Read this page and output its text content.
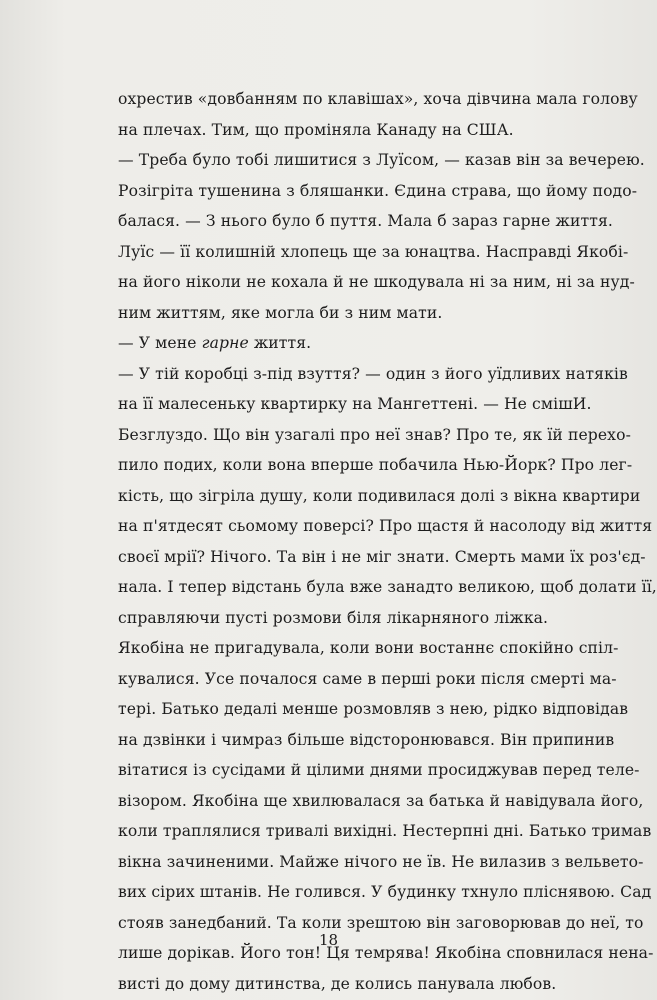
охрестив «довбанням по клавішах», хоча дівчина мала голову
на плечах. Тим, що проміняла Канаду на США.
— Треба було тобі лишитися з Луїсом, — казав він за вечерею.
Розігріта тушенина з бляшанки. Єдина страва, що йому подо-
балася. — З нього було б пуття. Мала б зараз гарне життя.
Луїс — її колишній хлопець ще за юнацтва. Насправді Якобі-
на його ніколи не кохала й не шкодувала ні за ним, ні за нуд-
ним життям, яке могла би з ним мати.
— У мене гарне життя.
— У тій коробці з-під взуття? — один з його уїдливих натяків
на її малесеньку квартирку на Мангеттені. — Не смішИ.
Безглуздо. Що він узагалі про неї знав? Про те, як їй перехо-
пило подих, коли вона вперше побачила Нью-Йорк? Про лег-
кість, що зігріла душу, коли подивилася долі з вікна квартири
на п'ятдесят сьомому поверсі? Про щастя й насолоду від життя
своєї мрії? Нічого. Та він і не міг знати. Смерть мами їх роз'єд-
нала. І тепер відстань була вже занадто великою, щоб долати її,
справляючи пусті розмови біля лікарняного ліжка.
Якобіна не пригадувала, коли вони востаннє спокійно спіл-
кувалися. Усе почалося саме в перші роки після смерті ма-
тері. Батько дедалі менше розмовляв з нею, рідко відповідав
на дзвінки і чимраз більше відсторонювався. Він припинив
вітатися із сусідами й цілими днями просиджував перед теле-
візором. Якобіна ще хвилювалася за батька й навідувала його,
коли траплялися тривалі вихідні. Нестерпні дні. Батько тримав
вікна зачиненими. Майже нічого не їв. Не вилазив з вельвето-
вих сірих штанів. Не голився. У будинку тхнуло пліснявою. Сад
стояв занедбаний. Та коли зрештою він заговорював до неї, то
лише дорікав. Його тон! Ця темрява! Якобіна сповнилася нена-
висті до дому дитинства, де колись панувала любов.
18
